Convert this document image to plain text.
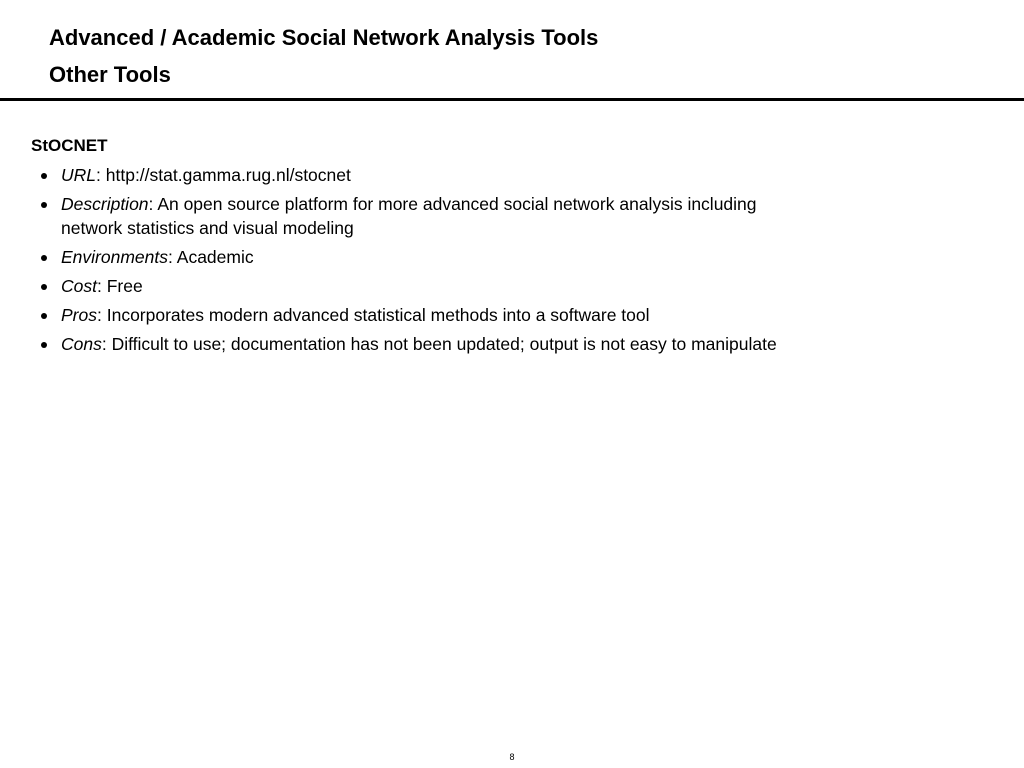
Advanced / Academic Social Network Analysis Tools
Other Tools
StOCNET
URL: http://stat.gamma.rug.nl/stocnet
Description: An open source platform for more advanced social network analysis including network statistics and visual modeling
Environments: Academic
Cost: Free
Pros: Incorporates modern advanced statistical methods into a software tool
Cons: Difficult to use; documentation has not been updated; output is not easy to manipulate
8
